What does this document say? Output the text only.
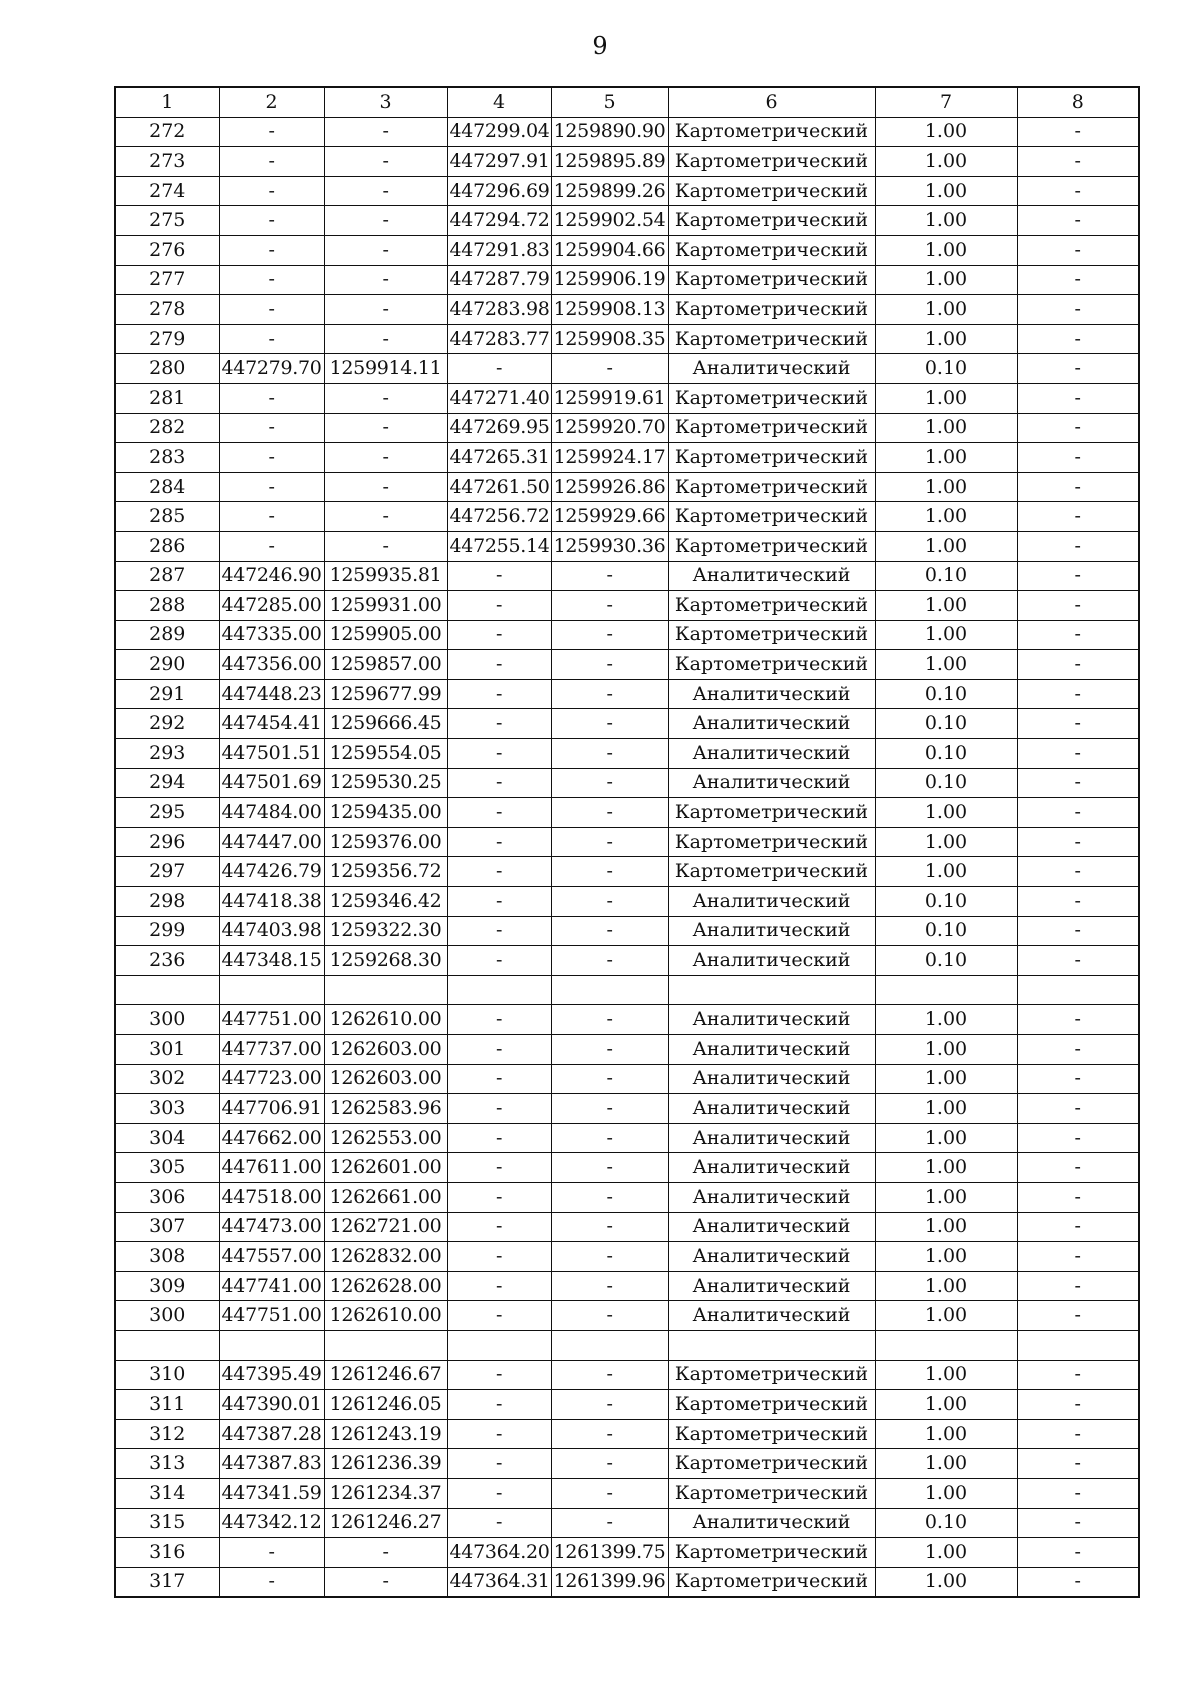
9
1	2	3	4	5	6	7	8
272	-	-	447299.04	1259890.90	Картометрический	1.00	-
273	-	-	447297.91	1259895.89	Картометрический	1.00	-
274	-	-	447296.69	1259899.26	Картометрический	1.00	-
275	-	-	447294.72	1259902.54	Картометрический	1.00	-
276	-	-	447291.83	1259904.66	Картометрический	1.00	-
277	-	-	447287.79	1259906.19	Картометрический	1.00	-
278	-	-	447283.98	1259908.13	Картометрический	1.00	-
279	-	-	447283.77	1259908.35	Картометрический	1.00	-
280	447279.70	1259914.11	-	-	Аналитический	0.10	-
281	-	-	447271.40	1259919.61	Картометрический	1.00	-
282	-	-	447269.95	1259920.70	Картометрический	1.00	-
283	-	-	447265.31	1259924.17	Картометрический	1.00	-
284	-	-	447261.50	1259926.86	Картометрический	1.00	-
285	-	-	447256.72	1259929.66	Картометрический	1.00	-
286	-	-	447255.14	1259930.36	Картометрический	1.00	-
287	447246.90	1259935.81	-	-	Аналитический	0.10	-
288	447285.00	1259931.00	-	-	Картометрический	1.00	-
289	447335.00	1259905.00	-	-	Картометрический	1.00	-
290	447356.00	1259857.00	-	-	Картометрический	1.00	-
291	447448.23	1259677.99	-	-	Аналитический	0.10	-
292	447454.41	1259666.45	-	-	Аналитический	0.10	-
293	447501.51	1259554.05	-	-	Аналитический	0.10	-
294	447501.69	1259530.25	-	-	Аналитический	0.10	-
295	447484.00	1259435.00	-	-	Картометрический	1.00	-
296	447447.00	1259376.00	-	-	Картометрический	1.00	-
297	447426.79	1259356.72	-	-	Картометрический	1.00	-
298	447418.38	1259346.42	-	-	Аналитический	0.10	-
299	447403.98	1259322.30	-	-	Аналитический	0.10	-
236	447348.15	1259268.30	-	-	Аналитический	0.10	-

300	447751.00	1262610.00	-	-	Аналитический	1.00	-
301	447737.00	1262603.00	-	-	Аналитический	1.00	-
302	447723.00	1262603.00	-	-	Аналитический	1.00	-
303	447706.91	1262583.96	-	-	Аналитический	1.00	-
304	447662.00	1262553.00	-	-	Аналитический	1.00	-
305	447611.00	1262601.00	-	-	Аналитический	1.00	-
306	447518.00	1262661.00	-	-	Аналитический	1.00	-
307	447473.00	1262721.00	-	-	Аналитический	1.00	-
308	447557.00	1262832.00	-	-	Аналитический	1.00	-
309	447741.00	1262628.00	-	-	Аналитический	1.00	-
300	447751.00	1262610.00	-	-	Аналитический	1.00	-

310	447395.49	1261246.67	-	-	Картометрический	1.00	-
311	447390.01	1261246.05	-	-	Картометрический	1.00	-
312	447387.28	1261243.19	-	-	Картометрический	1.00	-
313	447387.83	1261236.39	-	-	Картометрический	1.00	-
314	447341.59	1261234.37	-	-	Картометрический	1.00	-
315	447342.12	1261246.27	-	-	Аналитический	0.10	-
316	-	-	447364.20	1261399.75	Картометрический	1.00	-
317	-	-	447364.31	1261399.96	Картометрический	1.00	-
